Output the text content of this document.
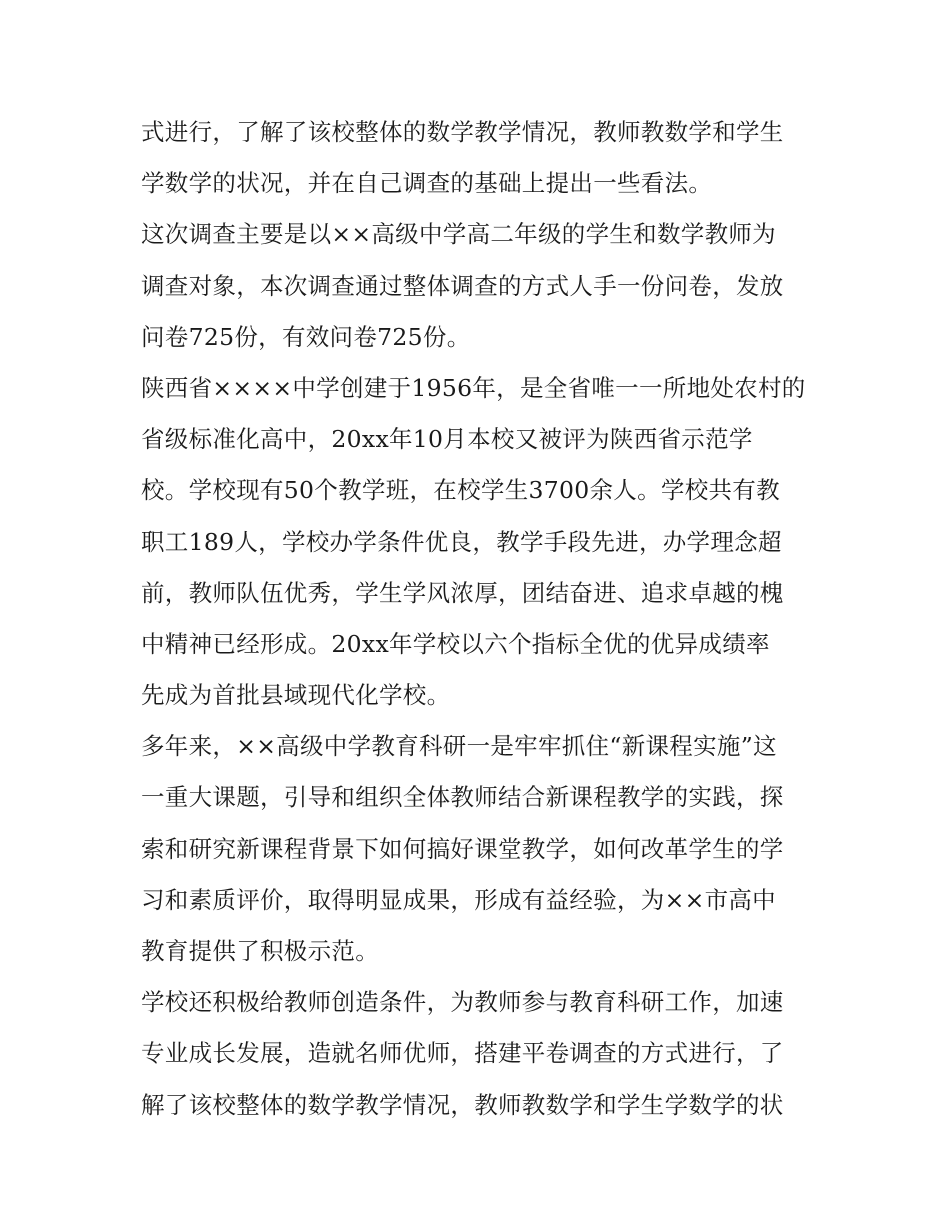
式进行，了解了该校整体的数学教学情况，教师教数学和学生
学数学的状况，并在自己调查的基础上提出一些看法。
这次调查主要是以××高级中学高二年级的学生和数学教师为
调查对象，本次调查通过整体调查的方式人手一份问卷，发放
问卷725份，有效问卷725份。
陕西省××××中学创建于1956年，是全省唯一一所地处农村的
省级标准化高中，20xx年10月本校又被评为陕西省示范学
校。学校现有50个教学班，在校学生3700余人。学校共有教
职工189人，学校办学条件优良，教学手段先进，办学理念超
前，教师队伍优秀，学生学风浓厚，团结奋进、追求卓越的槐
中精神已经形成。20xx年学校以六个指标全优的优异成绩率
先成为首批县域现代化学校。
多年来，××高级中学教育科研一是牢牢抓住“新课程实施”这
一重大课题，引导和组织全体教师结合新课程教学的实践，探
索和研究新课程背景下如何搞好课堂教学，如何改革学生的学
习和素质评价，取得明显成果，形成有益经验，为××市高中
教育提供了积极示范。
学校还积极给教师创造条件，为教师参与教育科研工作，加速
专业成长发展，造就名师优师，搭建平卷调查的方式进行，了
解了该校整体的数学教学情况，教师教数学和学生学数学的状
